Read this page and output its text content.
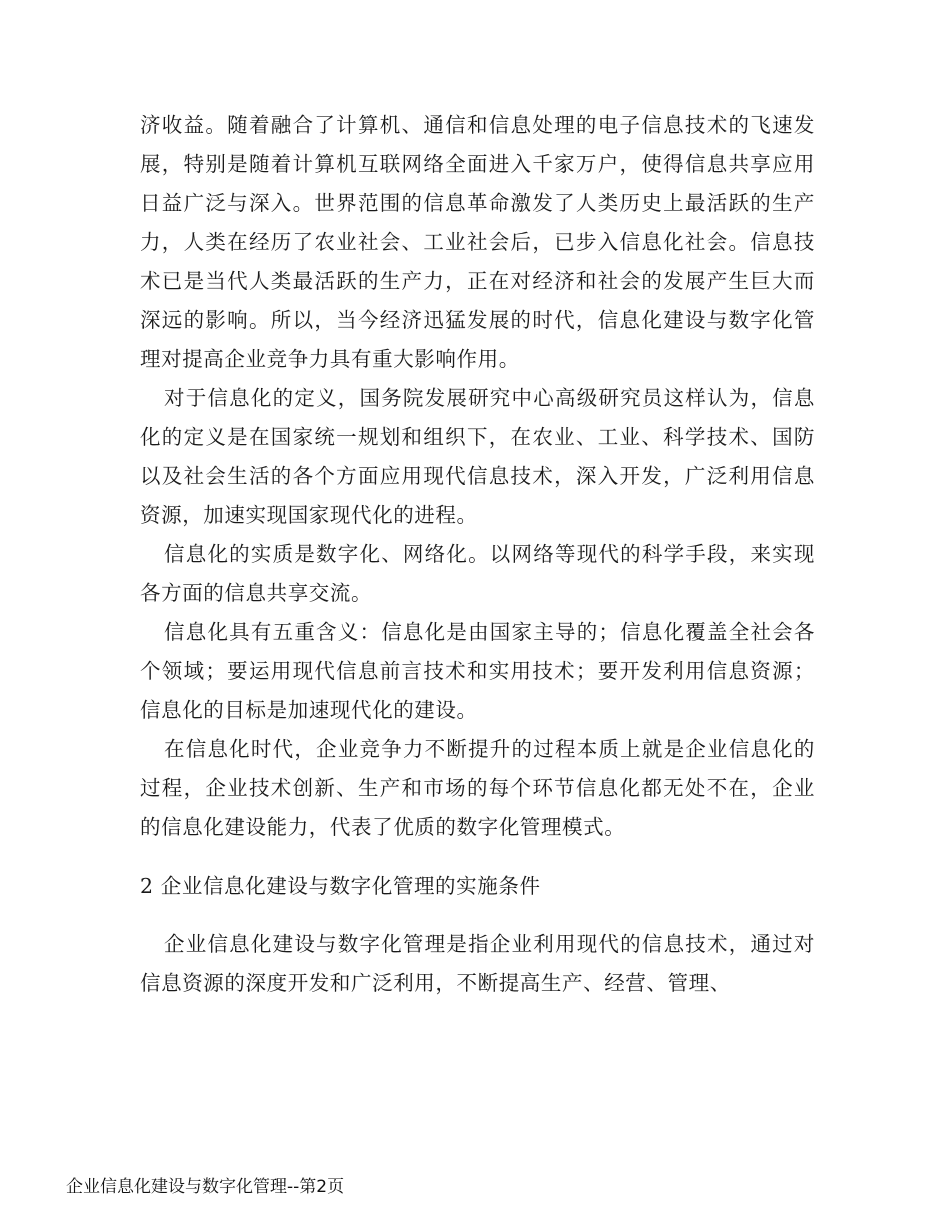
济收益。随着融合了计算机、通信和信息处理的电子信息技术的飞速发展，特别是随着计算机互联网络全面进入千家万户，使得信息共享应用日益广泛与深入。世界范围的信息革命激发了人类历史上最活跃的生产力，人类在经历了农业社会、工业社会后，已步入信息化社会。信息技术已是当代人类最活跃的生产力，正在对经济和社会的发展产生巨大而深远的影响。所以，当今经济迅猛发展的时代，信息化建设与数字化管理对提高企业竞争力具有重大影响作用。

对于信息化的定义，国务院发展研究中心高级研究员这样认为，信息化的定义是在国家统一规划和组织下，在农业、工业、科学技术、国防以及社会生活的各个方面应用现代信息技术，深入开发，广泛利用信息资源，加速实现国家现代化的进程。

信息化的实质是数字化、网络化。以网络等现代的科学手段，来实现各方面的信息共享交流。

信息化具有五重含义：信息化是由国家主导的；信息化覆盖全社会各个领域；要运用现代信息前言技术和实用技术；要开发利用信息资源；信息化的目标是加速现代化的建设。

在信息化时代，企业竞争力不断提升的过程本质上就是企业信息化的过程，企业技术创新、生产和市场的每个环节信息化都无处不在，企业的信息化建设能力，代表了优质的数字化管理模式。

2 企业信息化建设与数字化管理的实施条件

企业信息化建设与数字化管理是指企业利用现代的信息技术，通过对信息资源的深度开发和广泛利用，不断提高生产、经营、管理、

企业信息化建设与数字化管理--第2页
